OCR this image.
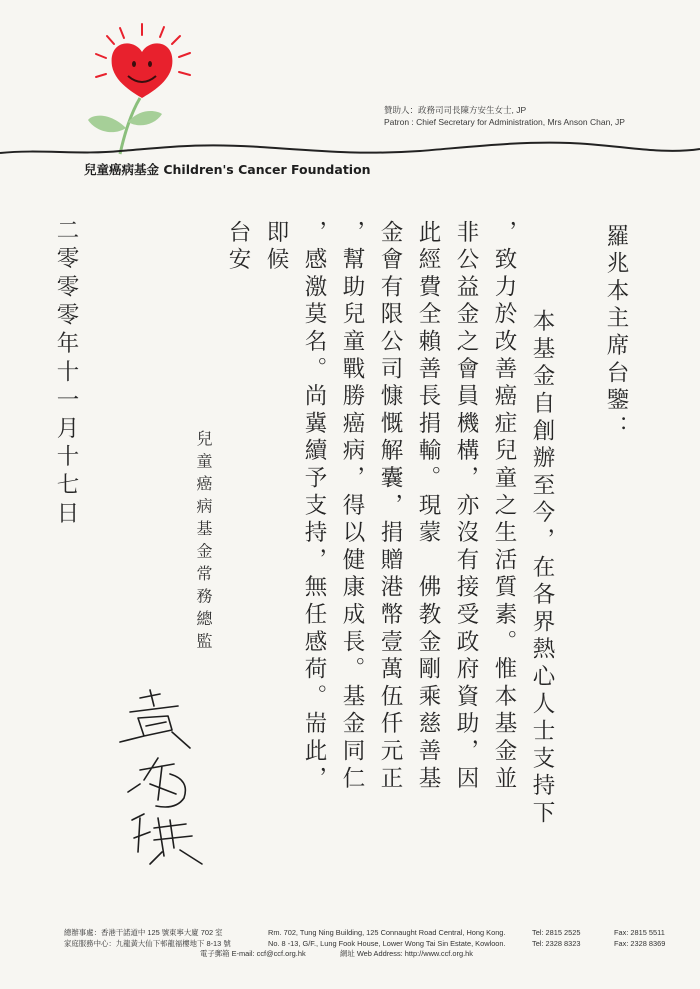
贊助人：政務司司長陳方安生女士, JP
Patron : Chief Secretary for Administration, Mrs Anson Chan, JP
兒童癌病基金 Children's Cancer Foundation
羅兆本主席台鑒：
　本基金自創辦至今，在各界熱心人士支持下
，致力於改善癌症兒童之生活質素。惟本基金並
非公益金之會員機構，亦沒有接受政府資助，因
此經費全賴善長捐輸。現蒙　佛教金剛乘慈善基
金會有限公司慷慨解囊，捐贈港幣壹萬伍仟元正
，幫助兒童戰勝癌病，得以健康成長。基金同仁
，感激莫名。尚冀續予支持，無任感荷。耑此，
即候
台安
兒童癌病基金常務總監
二零零零年十一月十七日
總辦事處：香港干諾道中 125 號東寧大廈 702 室	Rm. 702, Tung Ning Building, 125 Connaught Road Central, Hong Kong.	Tel: 2815 2525	Fax: 2815 5511
家庭服務中心：九龍黃大仙下邨龍福樓地下 8-13 號	No. 8 -13, G/F., Lung Fook House, Lower Wong Tai Sin Estate, Kowloon.	Tel: 2328 8323	Fax: 2328 8369
電子郵箱 E-mail: ccf@ccf.org.hk	網址 Web Address: http://www.ccf.org.hk
